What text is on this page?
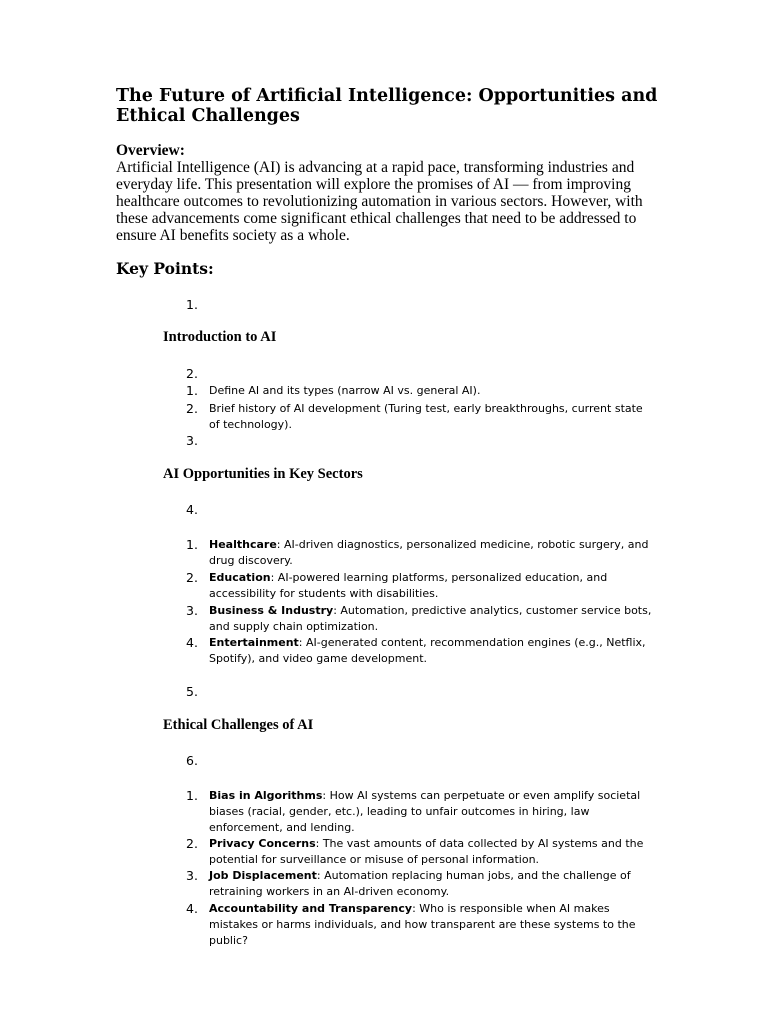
The Future of Artificial Intelligence: Opportunities and Ethical Challenges

Overview:

Artificial Intelligence (AI) is advancing at a rapid pace, transforming industries and everyday life. This presentation will explore the promises of AI — from improving healthcare outcomes to revolutionizing automation in various sectors. However, with these advancements come significant ethical challenges that need to be addressed to ensure AI benefits society as a whole.

Key Points:
1.
Introduction to AI
2.
1. Define AI and its types (narrow AI vs. general AI).
2. Brief history of AI development (Turing test, early breakthroughs, current state of technology).
3.
AI Opportunities in Key Sectors
4.
1. Healthcare: AI-driven diagnostics, personalized medicine, robotic surgery, and drug discovery.
2. Education: AI-powered learning platforms, personalized education, and accessibility for students with disabilities.
3. Business & Industry: Automation, predictive analytics, customer service bots, and supply chain optimization.
4. Entertainment: AI-generated content, recommendation engines (e.g., Netflix, Spotify), and video game development.
5.
Ethical Challenges of AI
6.
1. Bias in Algorithms: How AI systems can perpetuate or even amplify societal biases (racial, gender, etc.), leading to unfair outcomes in hiring, law enforcement, and lending.
2. Privacy Concerns: The vast amounts of data collected by AI systems and the potential for surveillance or misuse of personal information.
3. Job Displacement: Automation replacing human jobs, and the challenge of retraining workers in an AI-driven economy.
4. Accountability and Transparency: Who is responsible when AI makes mistakes or harms individuals, and how transparent are these systems to the public?
